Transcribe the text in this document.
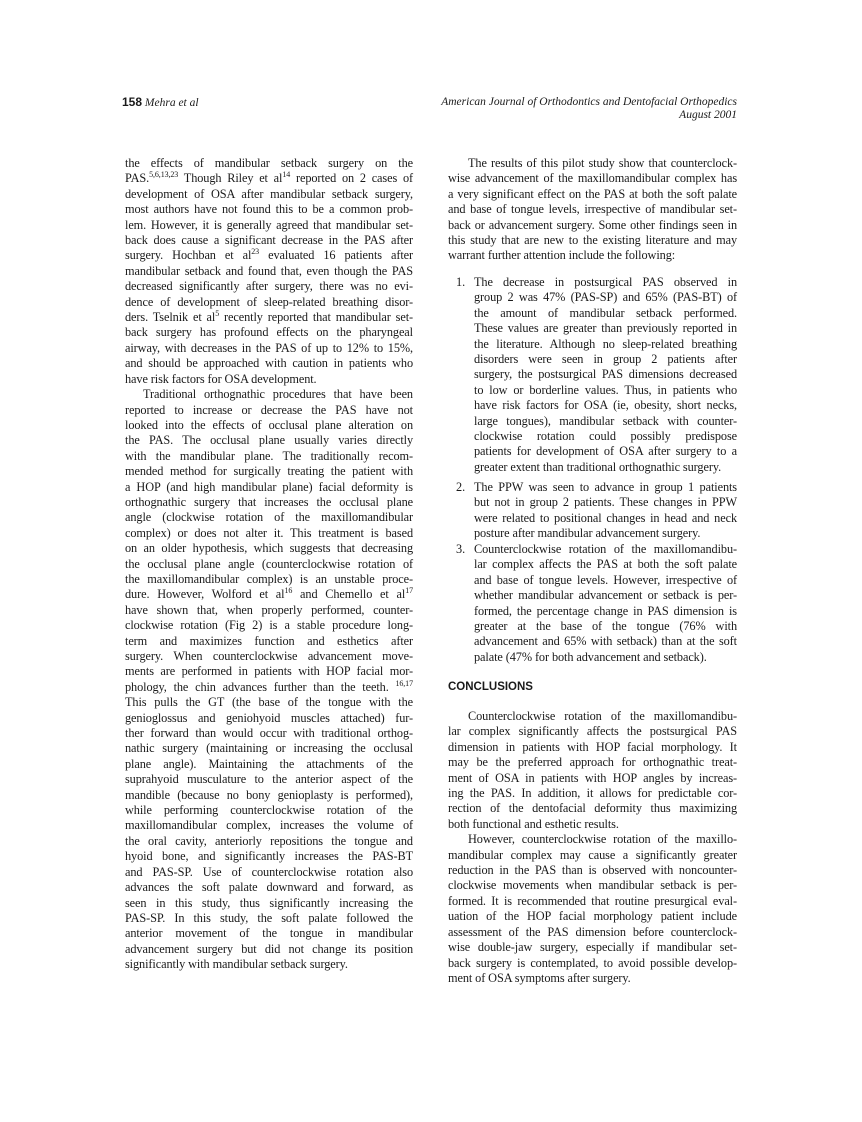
158 Mehra et al	American Journal of Orthodontics and Dentofacial Orthopedics
August 2001
the effects of mandibular setback surgery on the
PAS.$^{5,6,13,23}$ Though Riley et $al^{14}$ reported on 2 cases of
development of OSA after mandibular setback surgery,
most authors have not found this to be a common prob-
lem. However, it is generally agreed that mandibular set-
back does cause a significant decrease in the PAS after
surgery. Hochban et $al^{23}$ evaluated 16 patients after
mandibular setback and found that, even though the PAS
decreased significantly after surgery, there was no evi-
dence of development of sleep-related breathing disor-
ders. Tselnik et $al^5$ recently reported that mandibular set-
back surgery has profound effects on the pharyngeal
airway, with decreases in the PAS of up to 12% to 15%,
and should be approached with caution in patients who
have risk factors for OSA development.
Traditional orthognathic procedures that have been
reported to increase or decrease the PAS have not
looked into the effects of occlusal plane alteration on
the PAS. The occlusal plane usually varies directly
with the mandibular plane. The traditionally recom-
mended method for surgically treating the patient with
a HOP (and high mandibular plane) facial deformity is
orthognathic surgery that increases the occlusal plane
angle (clockwise rotation of the maxillomandibular
complex) or does not alter it. This treatment is based
on an older hypothesis, which suggests that decreasing
the occlusal plane angle (counterclockwise rotation of
the maxillomandibular complex) is an unstable proce-
dure. However, Wolford et $al^{16}$ and Chemello et $al^{17}$
have shown that, when properly performed, counter-
clockwise rotation (Fig 2) is a stable procedure long-
term and maximizes function and esthetics after
surgery. When counterclockwise advancement move-
ments are performed in patients with HOP facial mor-
phology, the chin advances further than the teeth. $^{16,17}$
This pulls the GT (the base of the tongue with the
genioglossus and geniohyoid muscles attached) fur-
ther forward than would occur with traditional orthog-
nathic surgery (maintaining or increasing the occlusal
plane angle). Maintaining the attachments of the
suprahyoid musculature to the anterior aspect of the
mandible (because no bony genioplasty is performed),
while performing counterclockwise rotation of the
maxillomandibular complex, increases the volume of
the oral cavity, anteriorly repositions the tongue and
hyoid bone, and significantly increases the PAS-BT
and PAS-SP. Use of counterclockwise rotation also
advances the soft palate downward and forward, as
seen in this study, thus significantly increasing the
PAS-SP. In this study, the soft palate followed the
anterior movement of the tongue in mandibular
advancement surgery but did not change its position
significantly with mandibular setback surgery.
The results of this pilot study show that counterclock-
wise advancement of the maxillomandibular complex has
a very significant effect on the PAS at both the soft palate
and base of tongue levels, irrespective of mandibular set-
back or advancement surgery. Some other findings seen in
this study that are new to the existing literature and may
warrant further attention include the following:
1. The decrease in postsurgical PAS observed in
group 2 was 47% (PAS-SP) and 65% (PAS-BT) of
the amount of mandibular setback performed.
These values are greater than previously reported in
the literature. Although no sleep-related breathing
disorders were seen in group 2 patients after
surgery, the postsurgical PAS dimensions decreased
to low or borderline values. Thus, in patients who
have risk factors for OSA (ie, obesity, short necks,
large tongues), mandibular setback with counter-
clockwise rotation could possibly predispose
patients for development of OSA after surgery to a
greater extent than traditional orthognathic surgery.
2. The PPW was seen to advance in group 1 patients
but not in group 2 patients. These changes in PPW
were related to positional changes in head and neck
posture after mandibular advancement surgery.
3. Counterclockwise rotation of the maxillomandibu-
lar complex affects the PAS at both the soft palate
and base of tongue levels. However, irrespective of
whether mandibular advancement or setback is per-
formed, the percentage change in PAS dimension is
greater at the base of the tongue (76% with
advancement and 65% with setback) than at the soft
palate (47% for both advancement and setback).
CONCLUSIONS
Counterclockwise rotation of the maxillomandibu-
lar complex significantly affects the postsurgical PAS
dimension in patients with HOP facial morphology. It
may be the preferred approach for orthognathic treat-
ment of OSA in patients with HOP angles by increas-
ing the PAS. In addition, it allows for predictable cor-
rection of the dentofacial deformity thus maximizing
both functional and esthetic results.
However, counterclockwise rotation of the maxillo-
mandibular complex may cause a significantly greater
reduction in the PAS than is observed with noncounter-
clockwise movements when mandibular setback is per-
formed. It is recommended that routine presurgical eval-
uation of the HOP facial morphology patient include
assessment of the PAS dimension before counterclock-
wise double-jaw surgery, especially if mandibular set-
back surgery is contemplated, to avoid possible develop-
ment of OSA symptoms after surgery.
